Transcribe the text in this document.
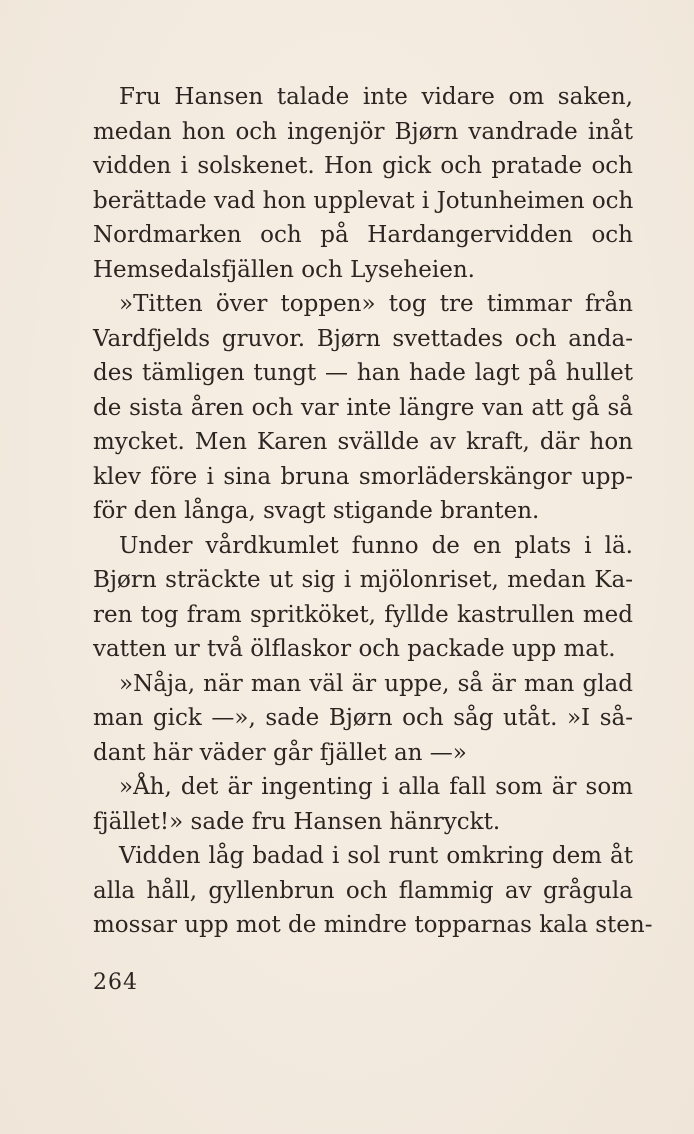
Fru Hansen talade inte vidare om saken,
medan hon och ingenjör Bjørn vandrade inåt
vidden i solskenet. Hon gick och pratade och
berättade vad hon upplevat i Jotunheimen och
Nordmarken och på Hardangervidden och
Hemsedalsfjällen och Lyseheien.
»Titten över toppen» tog tre timmar från
Vardfjelds gruvor. Bjørn svettades och anda-
des tämligen tungt — han hade lagt på hullet
de sista åren och var inte längre van att gå så
mycket. Men Karen svällde av kraft, där hon
klev före i sina bruna smorläderskängor upp-
för den långa, svagt stigande branten.
Under vårdkumlet funno de en plats i lä.
Bjørn sträckte ut sig i mjölonriset, medan Ka-
ren tog fram spritköket, fyllde kastrullen med
vatten ur två ölflaskor och packade upp mat.
»Nåja, när man väl är uppe, så är man glad
man gick —», sade Bjørn och såg utåt. »I så-
dant här väder går fjället an —»
»Åh, det är ingenting i alla fall som är som
fjället!» sade fru Hansen hänryckt.
Vidden låg badad i sol runt omkring dem åt
alla håll, gyllenbrun och flammig av grågula
mossar upp mot de mindre topparnas kala sten-
264
